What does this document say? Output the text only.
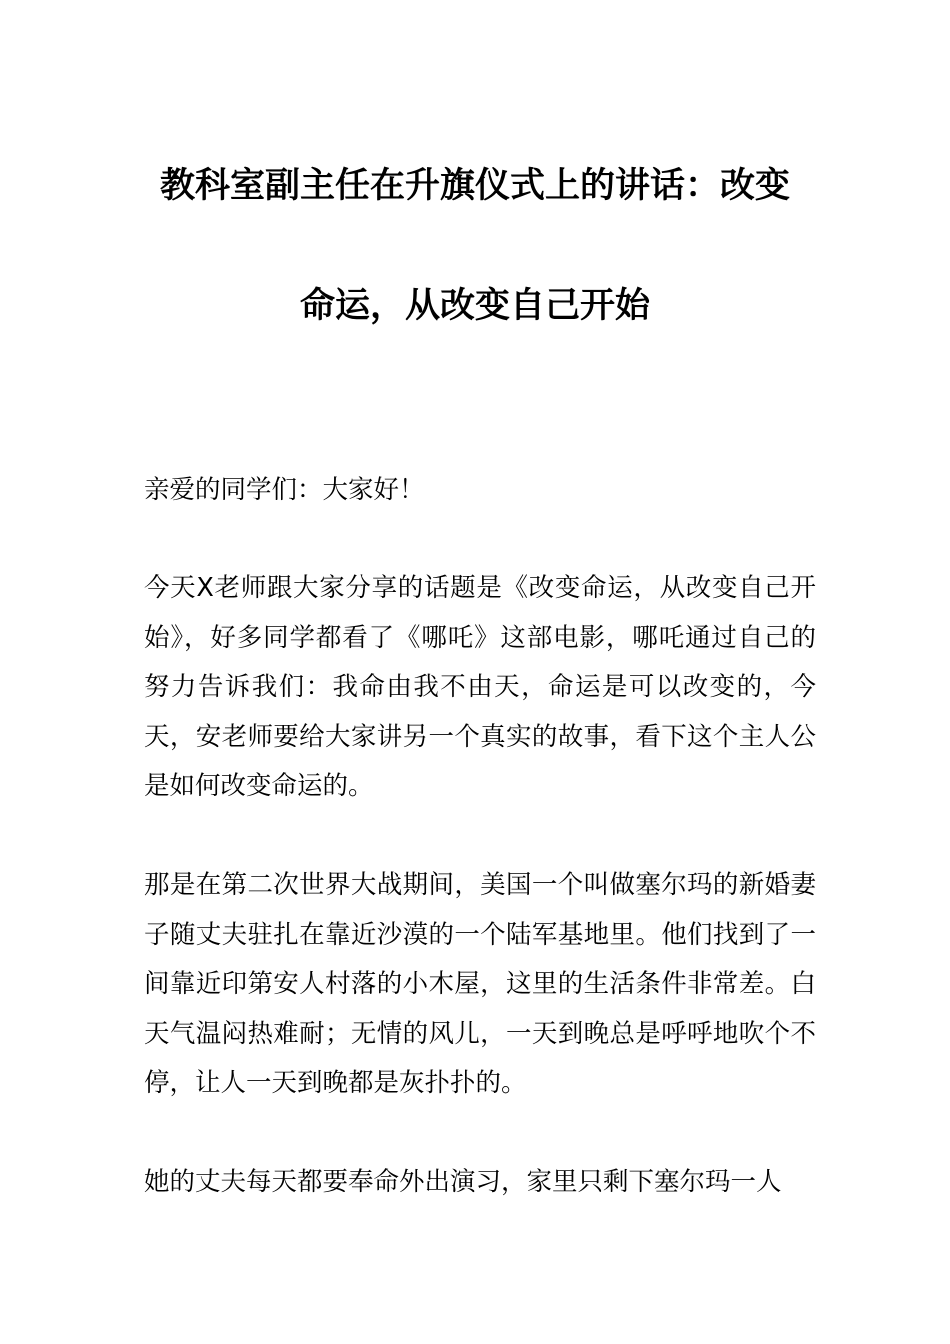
教科室副主任在升旗仪式上的讲话：改变
命运，从改变自己开始

亲爱的同学们：大家好！

今天X老师跟大家分享的话题是《改变命运，从改变自己开始》，好多同学都看了《哪吒》这部电影，哪吒通过自己的努力告诉我们：我命由我不由天，命运是可以改变的，今天，安老师要给大家讲另一个真实的故事，看下这个主人公是如何改变命运的。

那是在第二次世界大战期间，美国一个叫做塞尔玛的新婚妻子随丈夫驻扎在靠近沙漠的一个陆军基地里。他们找到了一间靠近印第安人村落的小木屋，这里的生活条件非常差。白天气温闷热难耐；无情的风儿，一天到晚总是呼呼地吹个不停，让人一天到晚都是灰扑扑的。

她的丈夫每天都要奉命外出演习，家里只剩下塞尔玛一人
